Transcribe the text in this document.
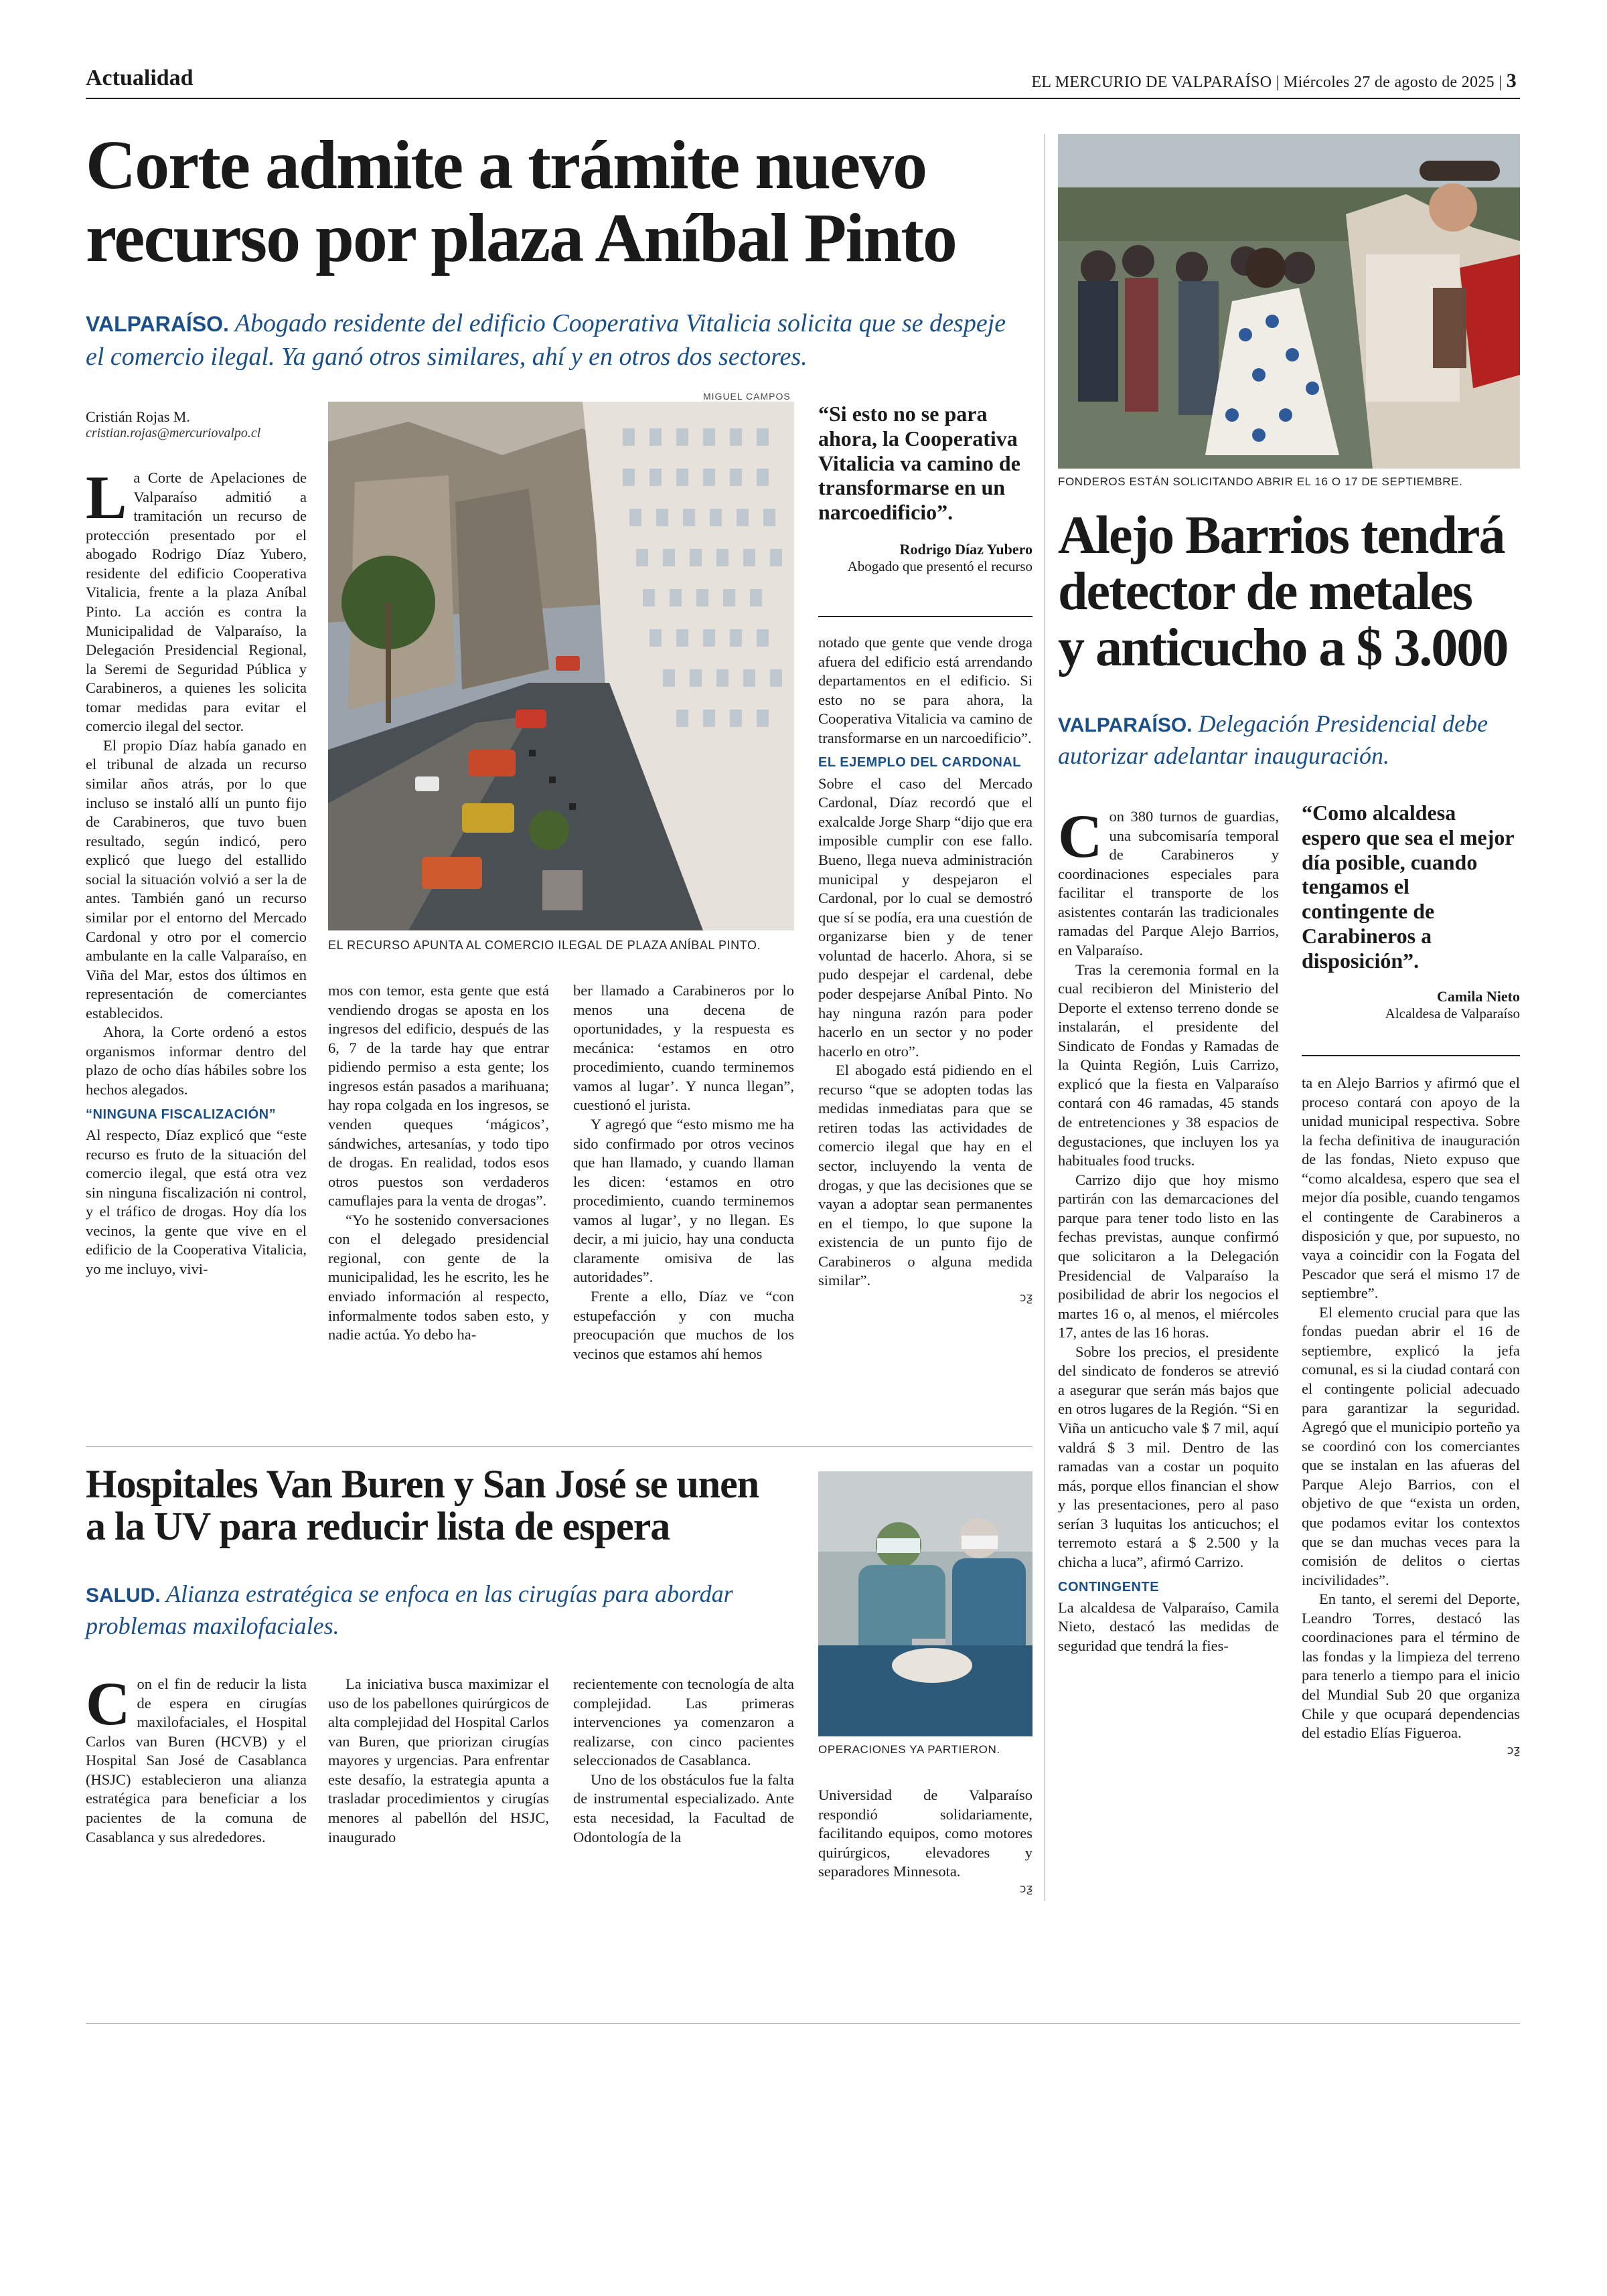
Actualidad	EL MERCURIO DE VALPARAÍSO | Miércoles 27 de agosto de 2025 | 3
Corte admite a trámite nuevo
recurso por plaza Aníbal Pinto
VALPARAÍSO. Abogado residente del edificio Cooperativa Vitalicia solicita que se despeje el comercio ilegal. Ya ganó otros similares, ahí y en otros dos sectores.
Cristián Rojas M.
cristian.rojas@mercuriovalpo.cl
L a Corte de Apelaciones de Valparaíso admitió a tramitación un recurso de protección presentado por el abogado Rodrigo Díaz Yubero, residente del edificio Cooperativa Vitalicia, frente a la plaza Aníbal Pinto. La acción es contra la Municipalidad de Valparaíso, la Delegación Presidencial Regional, la Seremi de Seguridad Pública y Carabineros, a quienes les solicita tomar medidas para evitar el comercio ilegal del sector.

El propio Díaz había ganado en el tribunal de alzada un recurso similar años atrás, por lo que incluso se instaló allí un punto fijo de Carabineros, que tuvo buen resultado, según indicó, pero explicó que luego del estallido social la situación volvió a ser la de antes. También ganó un recurso similar por el entorno del Mercado Cardonal y otro por el comercio ambulante en la calle Valparaíso, en Viña del Mar, estos dos últimos en representación de comerciantes establecidos.

Ahora, la Corte ordenó a estos organismos informar dentro del plazo de ocho días hábiles sobre los hechos alegados.

“NINGUNA FISCALIZACIÓN”

Al respecto, Díaz explicó que “este recurso es fruto de la situación del comercio ilegal, que está otra vez sin ninguna fiscalización ni control, y el tráfico de drogas. Hoy día los vecinos, la gente que vive en el edificio de la Cooperativa Vitalicia, yo me incluyo, vivi-

MIGUEL CAMPOS
EL RECURSO APUNTA AL COMERCIO ILEGAL DE PLAZA ANÍBAL PINTO.
“Si esto no se para ahora, la Cooperativa Vitalicia va camino de transformarse en un narcoedificio”.
Rodrigo Díaz Yubero
Abogado que presentó el recurso

mos con temor, esta gente que está vendiendo drogas se aposta en los ingresos del edificio, después de las 6, 7 de la tarde hay que entrar pidiendo permiso a esta gente; los ingresos están pasados a marihuana; hay ropa colgada en los ingresos, se venden queques ‘mágicos’, sándwiches, artesanías, y todo tipo de drogas. En realidad, todos esos otros puestos son verdaderos camuflajes para la venta de drogas”.

“Yo he sostenido conversaciones con el delegado presidencial regional, con gente de la municipalidad, les he escrito, les he enviado información al respecto, informalmente todos saben esto, y nadie actúa. Yo debo ha-

ber llamado a Carabineros por lo menos una decena de oportunidades, y la respuesta es mecánica: ‘estamos en otro procedimiento, cuando terminemos vamos al lugar’. Y nunca llegan”, cuestionó el jurista.

Y agregó que “esto mismo me ha sido confirmado por otros vecinos que han llamado, y cuando llaman les dicen: ‘estamos en otro procedimiento, cuando terminemos vamos al lugar’, y no llegan. Es decir, a mi juicio, hay una conducta claramente omisiva de las autoridades”.

Frente a ello, Díaz ve “con estupefacción y con mucha preocupación que muchos de los vecinos que estamos ahí hemos

notado que gente que vende droga afuera del edificio está arrendando departamentos en el edificio. Si esto no se para ahora, la Cooperativa Vitalicia va camino de transformarse en un narcoedificio”.

EL EJEMPLO DEL CARDONAL

Sobre el caso del Mercado Cardonal, Díaz recordó que el exalcalde Jorge Sharp “dijo que era imposible cumplir con ese fallo. Bueno, llega nueva administración municipal y despejaron el Cardonal, por lo cual se demostró que sí se podía, era una cuestión de organizarse bien y de tener voluntad de hacerlo. Ahora, si se pudo despejar el cardenal, debe poder despejarse Aníbal Pinto. No hay ninguna razón para poder hacerlo en un sector y no poder hacerlo en otro”.

El abogado está pidiendo en el recurso “que se adopten todas las medidas inmediatas para que se retiren todas las actividades de comercio ilegal que hay en el sector, incluyendo la venta de drogas, y que las decisiones que se vayan a adoptar sean permanentes en el tiempo, lo que supone la existencia de un punto fijo de Carabineros o alguna medida similar”.

ↄƺ
FONDEROS ESTÁN SOLICITANDO ABRIR EL 16 O 17 DE SEPTIEMBRE.
Alejo Barrios tendrá
detector de metales
y anticucho a $ 3.000
VALPARAÍSO. Delegación Presidencial debe autorizar adelantar inauguración.
C on 380 turnos de guardias, una subcomisaría temporal de Carabineros y coordinaciones especiales para facilitar el transporte de los asistentes contarán las tradicionales ramadas del Parque Alejo Barrios, en Valparaíso.

Tras la ceremonia formal en la cual recibieron del Ministerio del Deporte el extenso terreno donde se instalarán, el presidente del Sindicato de Fondas y Ramadas de la Quinta Región, Luis Carrizo, explicó que la fiesta en Valparaíso contará con 46 ramadas, 45 stands de entretenciones y 38 espacios de degustaciones, que incluyen los ya habituales food trucks.

Carrizo dijo que hoy mismo partirán con las demarcaciones del parque para tener todo listo en las fechas previstas, aunque confirmó que solicitaron a la Delegación Presidencial de Valparaíso la posibilidad de abrir los negocios el martes 16 o, al menos, el miércoles 17, antes de las 16 horas.

Sobre los precios, el presidente del sindicato de fonderos se atrevió a asegurar que serán más bajos que en otros lugares de la Región. “Si en Viña un anticucho vale $ 7 mil, aquí valdrá $ 3 mil. Dentro de las ramadas van a costar un poquito más, porque ellos financian el show y las presentaciones, pero al paso serían 3 luquitas los anticuchos; el terremoto estará a $ 2.500 y la chicha a luca”, afirmó Carrizo.

CONTINGENTE

La alcaldesa de Valparaíso, Camila Nieto, destacó las medidas de seguridad que tendrá la fies-

“Como alcaldesa espero que sea el mejor día posible, cuando tengamos el contingente de Carabineros a disposición”.
Camila Nieto
Alcaldesa de Valparaíso

ta en Alejo Barrios y afirmó que el proceso contará con apoyo de la unidad municipal respectiva. Sobre la fecha definitiva de inauguración de las fondas, Nieto expuso que “como alcaldesa, espero que sea el mejor día posible, cuando tengamos el contingente de Carabineros a disposición y que, por supuesto, no vaya a coincidir con la Fogata del Pescador que será el mismo 17 de septiembre”.

El elemento crucial para que las fondas puedan abrir el 16 de septiembre, explicó la jefa comunal, es si la ciudad contará con el contingente policial adecuado para garantizar la seguridad. Agregó que el municipio porteño ya se coordinó con los comerciantes que se instalan en las afueras del Parque Alejo Barrios, con el objetivo de que “exista un orden, que podamos evitar los contextos que se dan muchas veces para la comisión de delitos o ciertas incivilidades”.

En tanto, el seremi del Deporte, Leandro Torres, destacó las coordinaciones para el término de las fondas y la limpieza del terreno para tenerlo a tiempo para el inicio del Mundial Sub 20 que organiza Chile y que ocupará dependencias del estadio Elías Figueroa.

ↄƺ
Hospitales Van Buren y San José se unen
a la UV para reducir lista de espera
SALUD. Alianza estratégica se enfoca en las cirugías para abordar problemas maxilofaciales.
OPERACIONES YA PARTIERON.
C on el fin de reducir la lista de espera en cirugías maxilofaciales, el Hospital Carlos van Buren (HCVB) y el Hospital San José de Casablanca (HSJC) establecieron una alianza estratégica para beneficiar a los pacientes de la comuna de Casablanca y sus alrededores.

La iniciativa busca maximizar el uso de los pabellones quirúrgicos de alta complejidad del Hospital Carlos van Buren, que priorizan cirugías mayores y urgencias. Para enfrentar este desafío, la estrategia apunta a trasladar procedimientos y cirugías menores al pabellón del HSJC, inaugurado

recientemente con tecnología de alta complejidad. Las primeras intervenciones ya comenzaron a realizarse, con cinco pacientes seleccionados de Casablanca.

Uno de los obstáculos fue la falta de instrumental especializado. Ante esta necesidad, la Facultad de Odontología de la

Universidad de Valparaíso respondió solidariamente, facilitando equipos, como motores quirúrgicos, elevadores y separadores Minnesota.

ↄƺ
